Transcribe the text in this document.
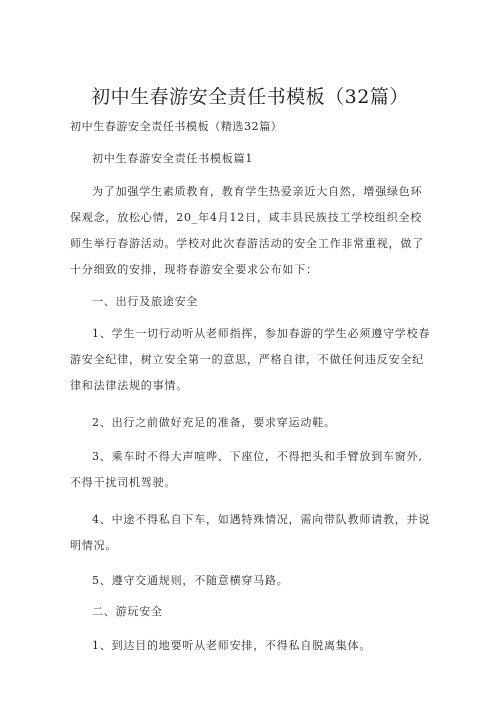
初中生春游安全责任书模板（32篇）
初中生春游安全责任书模板（精选32篇）
初中生春游安全责任书模板篇1

为了加强学生素质教育，教育学生热爱亲近大自然，增强绿色环保观念，放松心情，20_年4月12日，咸丰县民族技工学校组织全校师生举行春游活动。学校对此次春游活动的安全工作非常重视，做了十分细致的安排，现将春游安全要求公布如下：

一、出行及旅途安全

1、学生一切行动听从老师指挥，参加春游的学生必须遵守学校春游安全纪律，树立安全第一的意思，严格自律，不做任何违反安全纪律和法律法规的事情。

2、出行之前做好充足的准备，要求穿运动鞋。

3、乘车时不得大声喧哗、下座位，不得把头和手臂放到车窗外,不得干扰司机驾驶。

4、中途不得私自下车，如遇特殊情况，需向带队教师请教，并说明情况。

5、遵守交通规则，不随意横穿马路。

二、游玩安全

1、到达目的地要听从老师安排，不得私自脱离集体。
